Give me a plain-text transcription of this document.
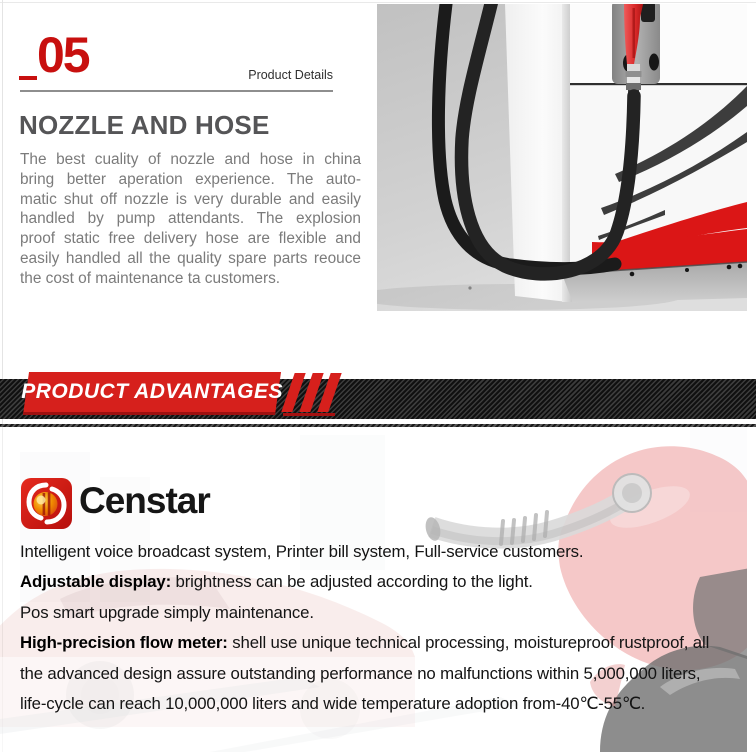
05	Product Details
NOZZLE AND HOSE
The best cuality of nozzle and hose in china
bring better aperation experience. The auto-
matic shut off nozzle is very durable and easily
handled by pump attendants. The explosion
proof static free delivery hose are flexible and
easily handled all the quality spare parts reouce
the cost of maintenance ta customers.
PRODUCT ADVANTAGES
Censtar
Intelligent voice broadcast system, Printer bill system, Full-service customers.
Adjustable display: brightness can be adjusted according to the light.
Pos smart upgrade simply maintenance.
High-precision flow meter: shell use unique technical processing, moistureproof rustproof, all
the advanced design assure outstanding performance no malfunctions within 5,000,000 liters,
life-cycle can reach 10,000,000 liters and wide temperature adoption from-40℃-55℃.
